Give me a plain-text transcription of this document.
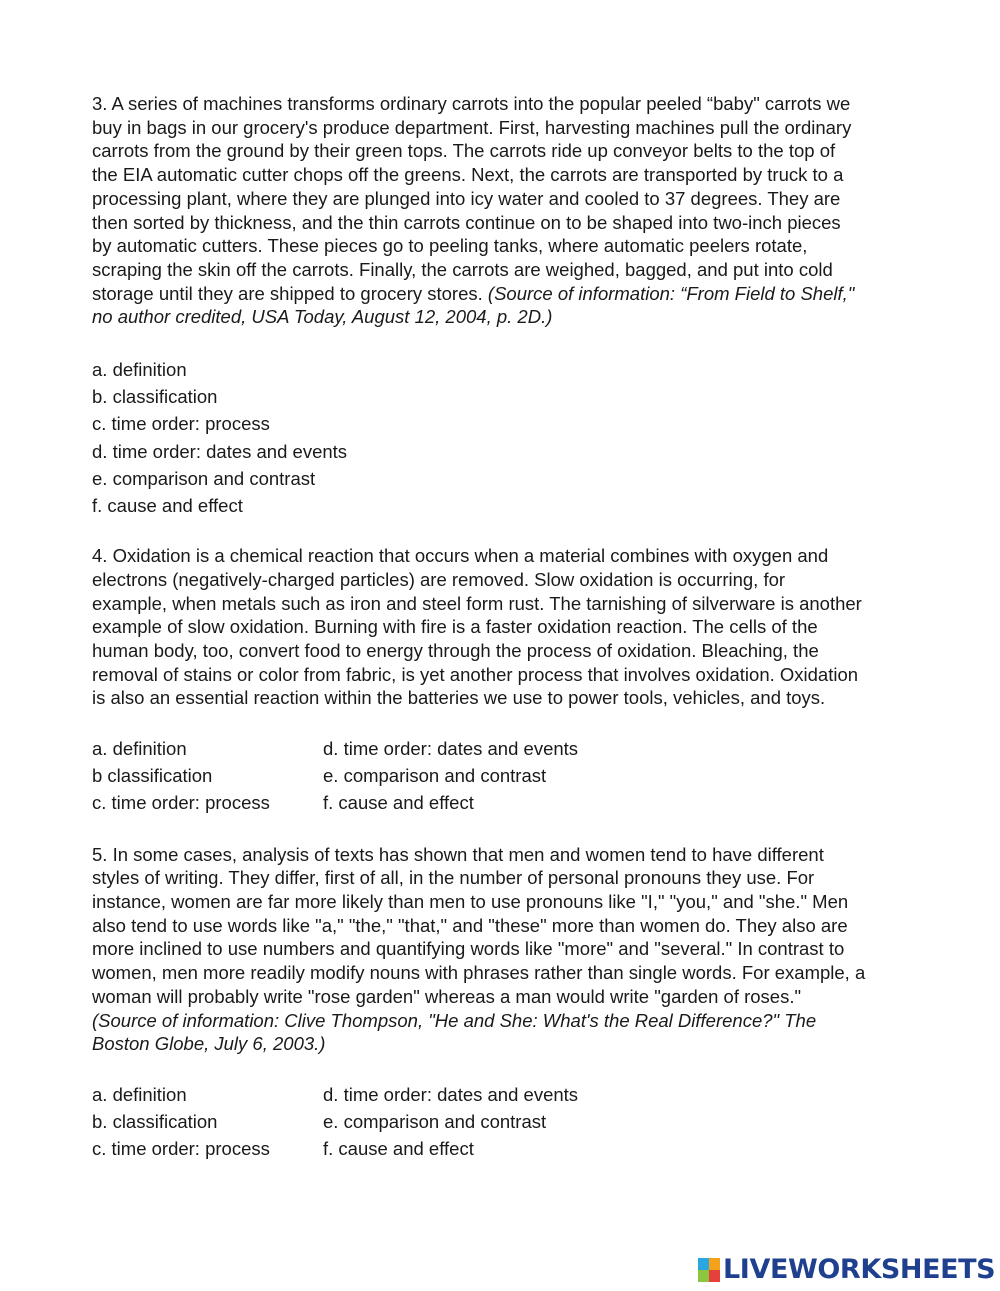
3. A series of machines transforms ordinary carrots into the popular peeled “baby" carrots we
buy in bags in our grocery's produce department. First, harvesting machines pull the ordinary
carrots from the ground by their green tops. The carrots ride up conveyor belts to the top of
the EIA automatic cutter chops off the greens. Next, the carrots are transported by truck to a
processing plant, where they are plunged into icy water and cooled to 37 degrees. They are
then sorted by thickness, and the thin carrots continue on to be shaped into two-inch pieces
by automatic cutters. These pieces go to peeling tanks, where automatic peelers rotate,
scraping the skin off the carrots. Finally, the carrots are weighed, bagged, and put into cold
storage until they are shipped to grocery stores. (Source of information: “From Field to Shelf,"
no author credited, USA Today, August 12, 2004, p. 2D.)
a. definition
b. classification
c. time order: process
d. time order: dates and events
e. comparison and contrast
f. cause and effect
4. Oxidation is a chemical reaction that occurs when a material combines with oxygen and
electrons (negatively-charged particles) are removed. Slow oxidation is occurring, for
example, when metals such as iron and steel form rust. The tarnishing of silverware is another
example of slow oxidation. Burning with fire is a faster oxidation reaction. The cells of the
human body, too, convert food to energy through the process of oxidation. Bleaching, the
removal of stains or color from fabric, is yet another process that involves oxidation. Oxidation
is also an essential reaction within the batteries we use to power tools, vehicles, and toys.
a. definition	d. time order: dates and events
b classification	e. comparison and contrast
c. time order: process	f. cause and effect
5. In some cases, analysis of texts has shown that men and women tend to have different
styles of writing. They differ, first of all, in the number of personal pronouns they use. For
instance, women are far more likely than men to use pronouns like "I," "you," and "she." Men
also tend to use words like "a," "the," "that," and "these" more than women do. They also are
more inclined to use numbers and quantifying words like "more" and "several." In contrast to
women, men more readily modify nouns with phrases rather than single words. For example, a
woman will probably write "rose garden" whereas a man would write "garden of roses."
(Source of information: Clive Thompson, "He and She: What's the Real Difference?" The
Boston Globe, July 6, 2003.)
a. definition	d. time order: dates and events
b. classification	e. comparison and contrast
c. time order: process	f. cause and effect
LIVEWORKSHEETS
